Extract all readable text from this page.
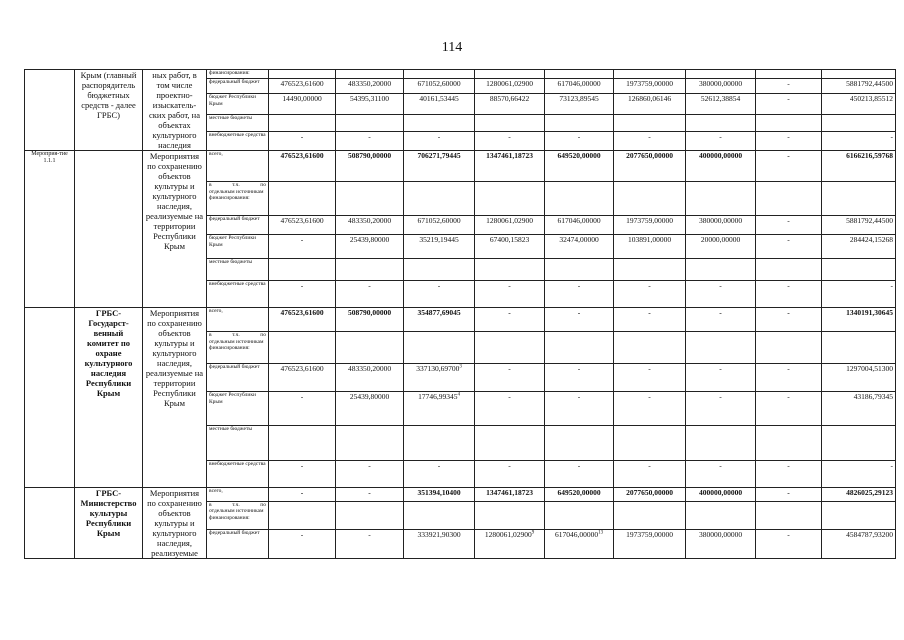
114
	Крым (главный распорядитель бюджетных средств - далее ГРБС)	ных работ, в том числе проектно-изыскатель-ских работ, на объектах культурного наследия	финансирования:									
			федеральный бюджет	476523,61600	483350,20000	671052,60000	1280061,02900	617046,00000	1973759,00000	380000,00000	-	5881792,44500
			бюджет Республики Крым	14490,00000	54395,31100	40161,53445	88570,66422	73123,89545	126860,06146	52612,38854	-	450213,85512
			местные бюджеты									
			внебюджетные средства	-	-	-	-	-	-	-	-	-
Мероприя-тие 1.1.1		Мероприятия по сохранению объектов культуры и культурного наследия, реализуемые на территории Республики Крым	всего,	476523,61600	508790,00000	706271,79445	1347461,18723	649520,00000	2077650,00000	400000,00000	-	6166216,59768

			в   т.ч.   по
отдельным источникам финансирования:									
			федеральный бюджет	476523,61600	483350,20000	671052,60000	1280061,02900	617046,00000	1973759,00000	380000,00000	-	5881792,44500
			бюджет Республики Крым	-	25439,80000	35219,19445	67400,15823	32474,00000	103891,00000	20000,00000	-	284424,15268
			местные бюджеты									
			внебюджетные средства	-	-	-	-	-	-	-	-	-
	ГРБС- Государст-венный комитет по охране культурного наследия Республики Крым	Мероприятия по сохранению объектов культуры и культурного наследия, реализуемые на территории Республики Крым	всего,	476523,61600	508790,00000	354877,69045	-	-	-	-	-	1340191,30645

			в   т.ч.   по
отдельным источникам финансирования:									
			федеральный бюджет	476523,61600	483350,20000	337130,69700$^3$	-	-	-	-	-	1297004,51300
			бюджет Республики Крым	-	25439,80000	17746,99345$^4$	-	-	-	-	-	43186,79345
			местные бюджеты									
			внебюджетные средства	-	-	-	-	-	-	-	-	-
	ГРБС- Министерство культуры Республики Крым	Мероприятия по сохранению объектов культуры и культурного наследия, реализуемые	всего,	-	-	351394,10400	1347461,18723	649520,00000	2077650,00000	400000,00000	-	4826025,29123

			в   т.ч.   по
отдельным источникам финансирования:									
			федеральный бюджет	-	-	333921,90300	1280061,02900$^9$	617046,00000$^{13}$	1973759,00000	380000,00000	-	4584787,93200
